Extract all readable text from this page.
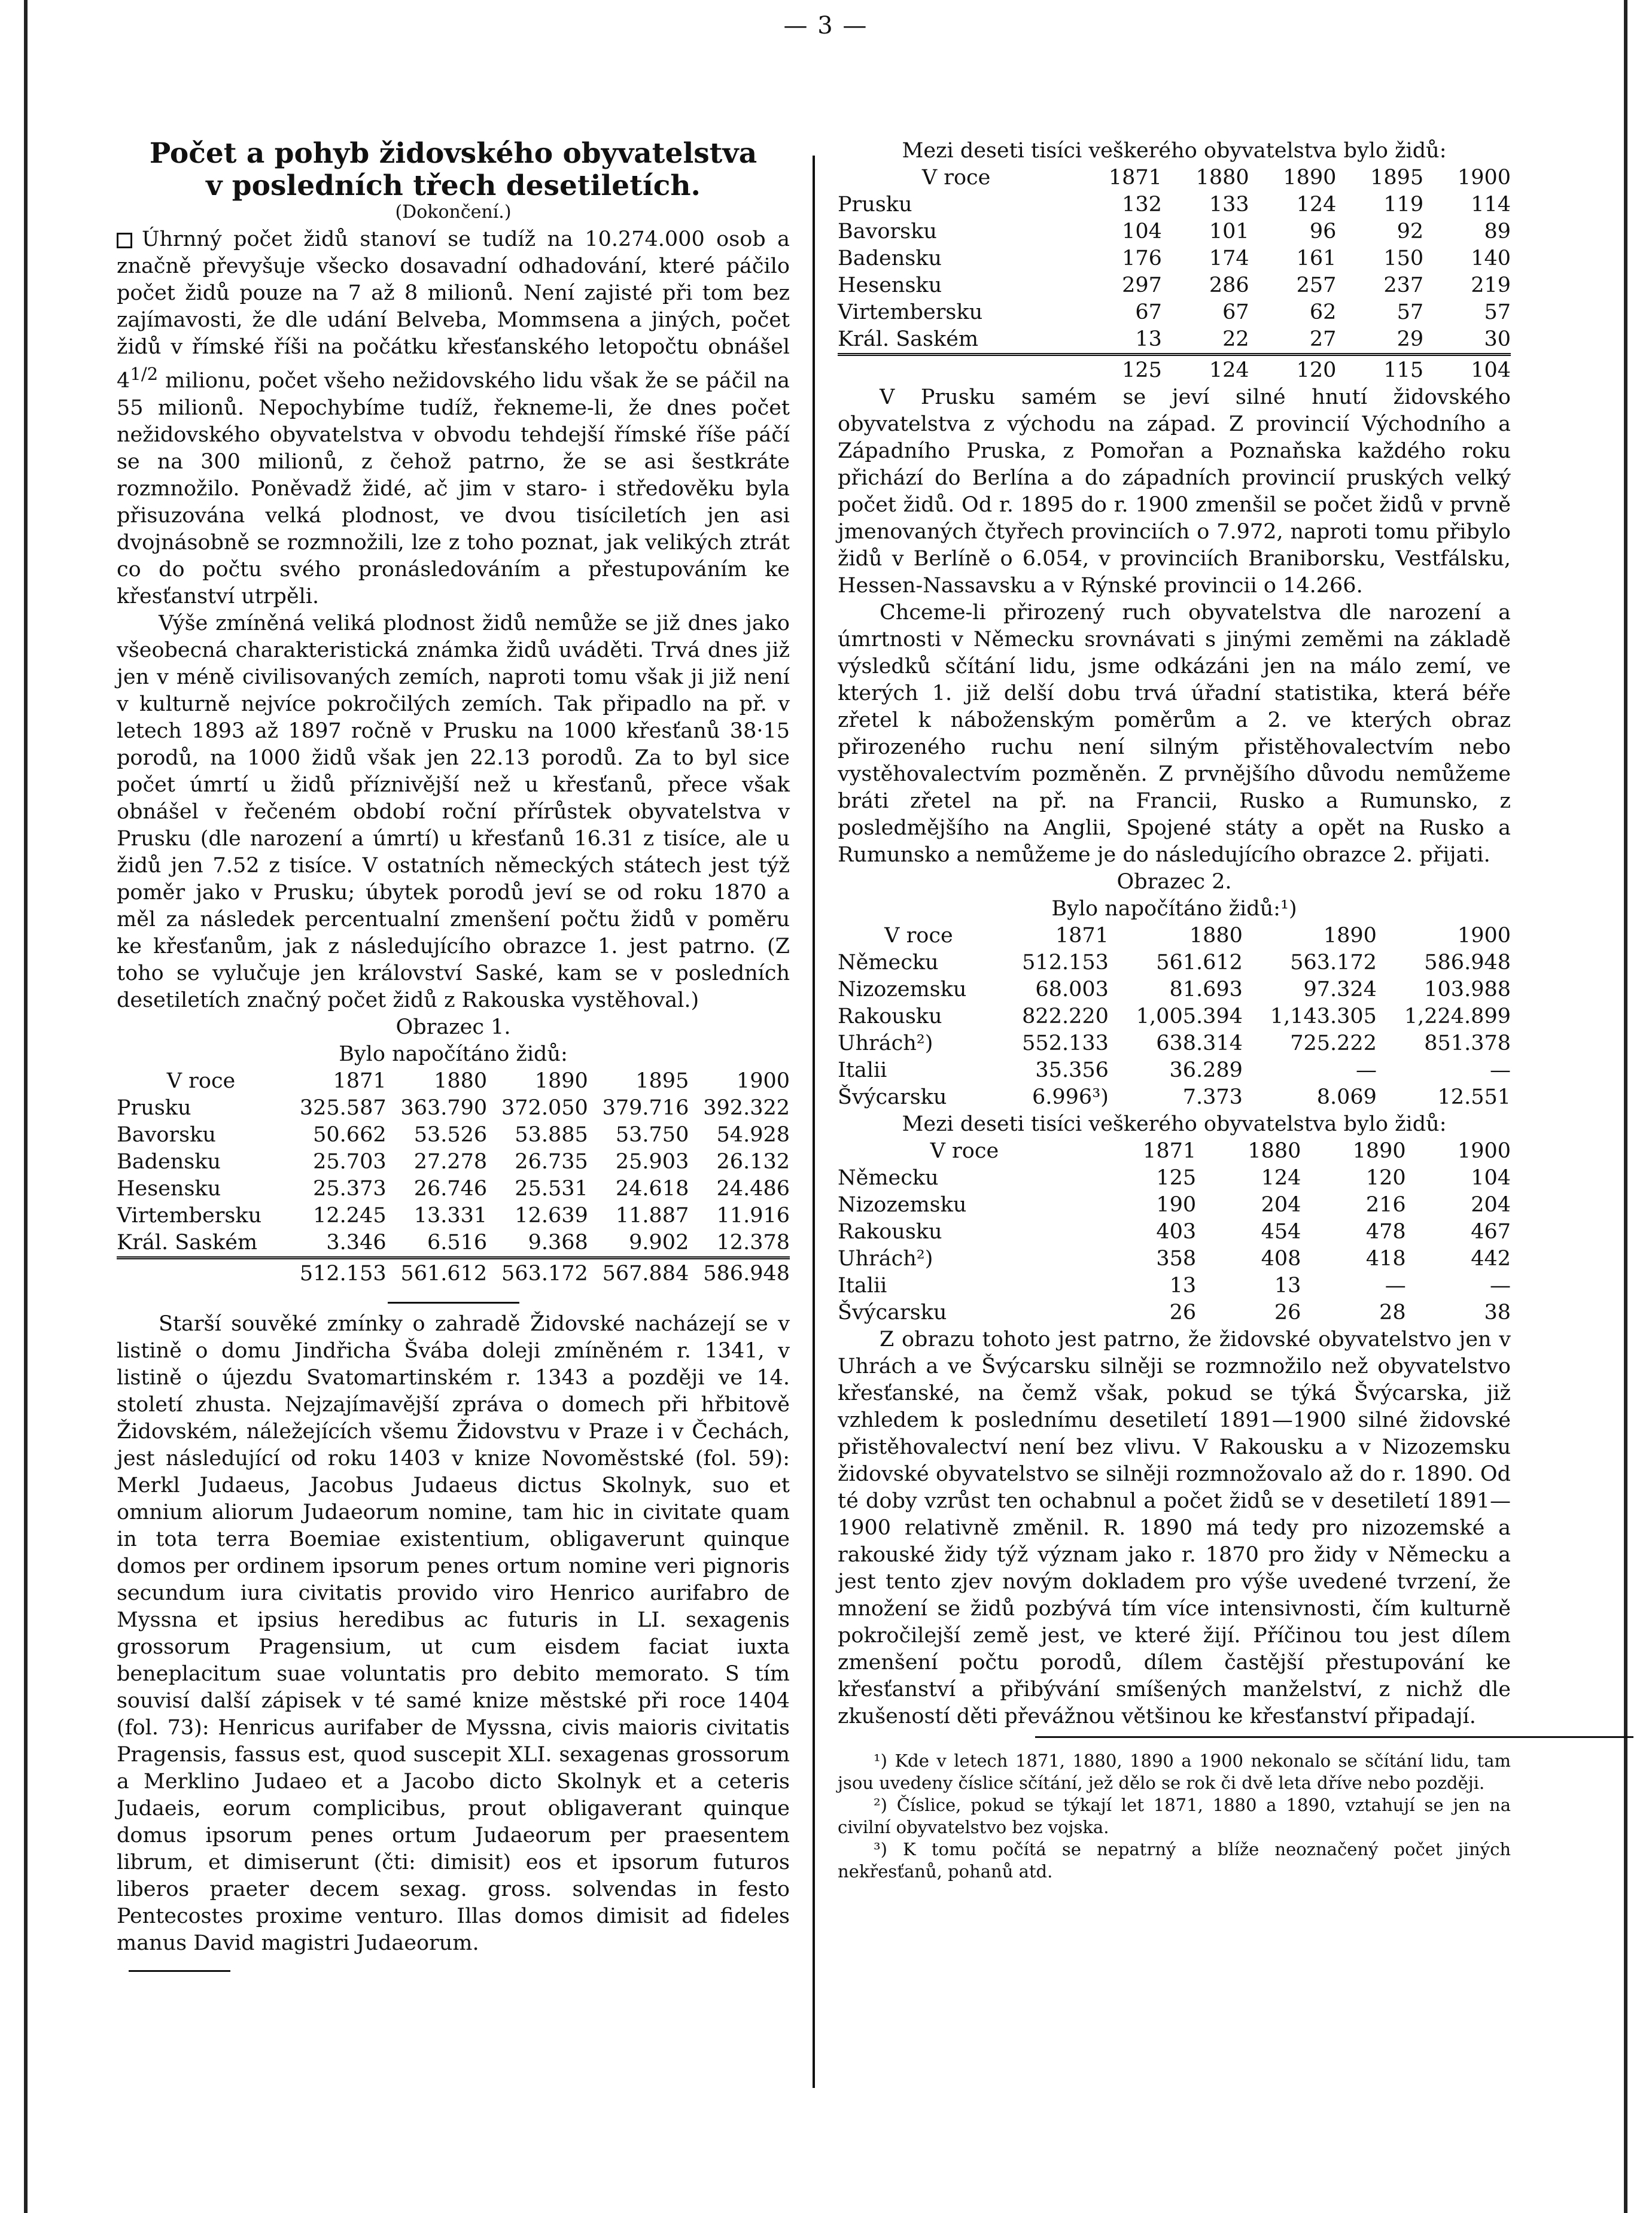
— 3 —
Počet a pohyb židovského obyvatelstva
v posledních třech desetiletích.
(Dokončení.)

Úhrnný počet židů stanoví se tudíž na 10.274.000 osob a značně převyšuje všecko dosavadní odhadování, které páčilo počet židů pouze na 7 až 8 milionů. Není zajisté při tom bez zajímavosti, že dle udání Belveba, Mommsena a jiných, počet židů v římské říši na počátku křesťanského letopočtu obnášel $4^{1/2}$ milionu, počet všeho nežidovského lidu však že se páčil na 55 milionů. Nepochybíme tudíž, řekneme-li, že dnes počet nežidovského obyvatelstva v obvodu tehdejší římské říše páčí se na 300 milionů, z čehož patrno, že se asi šestkráte rozmnožilo. Poněvadž židé, ač jim v staro- i středověku byla přisuzována velká plodnost, ve dvou tisíciletích jen asi dvojnásobně se rozmnožili, lze z toho poznat, jak velikých ztrát co do počtu svého pronásledováním a přestupováním ke křesťanství utrpěli.

Výše zmíněná veliká plodnost židů nemůže se již dnes jako všeobecná charakteristická známka židů uváděti. Trvá dnes již jen v méně civilisovaných zemích, naproti tomu však ji již není v kulturně nejvíce pokročilých zemích. Tak připadlo na př. v letech 1893 až 1897 ročně v Prusku na 1000 křesťanů 38·15 porodů, na 1000 židů však jen 22.13 porodů. Za to byl sice počet úmrtí u židů příznivější než u křesťanů, přece však obnášel v řečeném období roční přírůstek obyvatelstva v Prusku (dle narození a úmrtí) u křesťanů 16.31 z tisíce, ale u židů jen 7.52 z tisíce. V ostatních německých státech jest týž poměr jako v Prusku; úbytek porodů jeví se od roku 1870 a měl za následek percentualní zmenšení počtu židů v poměru ke křesťanům, jak z následujícího obrazce 1. jest patrno. (Z toho se vylučuje jen království Saské, kam se v posledních desetiletích značný počet židů z Rakouska vystěhoval.)

Obrazec 1.
Bylo napočítáno židů:
V roce	1871	1880	1890	1895	1900
Prusku	325.587	363.790	372.050	379.716	392.322
Bavorsku	50.662	53.526	53.885	53.750	54.928
Badensku	25.703	27.278	26.735	25.903	26.132
Hesensku	25.373	26.746	25.531	24.618	24.486
Virtembersku	12.245	13.331	12.639	11.887	11.916
Král. Saském	3.346	6.516	9.368	9.902	12.378
	512.153	561.612	563.172	567.884	586.948

Starší souvěké zmínky o zahradě Židovské nacházejí se v listině o domu Jindřicha Švába doleji zmíněném r. 1341, v listině o újezdu Svatomartinském r. 1343 a později ve 14. století zhusta. Nejzajímavější zpráva o domech při hřbitově Židovském, náležejících všemu Židovstvu v Praze i v Čechách, jest následující od roku 1403 v knize Novoměstské (fol. 59): Merkl Judaeus, Jacobus Judaeus dictus Skolnyk, suo et omnium aliorum Judaeorum nomine, tam hic in civitate quam in tota terra Boemiae existentium, obligaverunt quinque domos per ordinem ipsorum penes ortum nomine veri pignoris secundum iura civitatis provido viro Henrico aurifabro de Myssna et ipsius heredibus ac futuris in LI. sexagenis grossorum Pragensium, ut cum eisdem faciat iuxta beneplacitum suae voluntatis pro debito memorato. S tím souvisí další zápisek v té samé knize městské při roce 1404 (fol. 73): Henricus aurifaber de Myssna, civis maioris civitatis Pragensis, fassus est, quod suscepit XLI. sexagenas grossorum a Merklino Judaeo et a Jacobo dicto Skolnyk et a ceteris Judaeis, eorum complicibus, prout obligaverant quinque domus ipsorum penes ortum Judaeorum per praesentem librum, et dimiserunt (čti: dimisit) eos et ipsorum futuros liberos praeter decem sexag. gross. solvendas in festo Pentecostes proxime venturo. Illas domos dimisit ad fideles manus David magistri Judaeorum.

Mezi deseti tisíci veškerého obyvatelstva bylo židů:
V roce	1871	1880	1890	1895	1900
Prusku	132	133	124	119	114
Bavorsku	104	101	96	92	89
Badensku	176	174	161	150	140
Hesensku	297	286	257	237	219
Virtembersku	67	67	62	57	57
Král. Saském	13	22	27	29	30
	125	124	120	115	104

V Prusku samém se jeví silné hnutí židovského obyvatelstva z východu na západ. Z provincií Východního a Západního Pruska, z Pomořan a Poznaňska každého roku přichází do Berlína a do západních provincií pruských velký počet židů. Od r. 1895 do r. 1900 zmenšil se počet židů v prvně jmenovaných čtyřech provinciích o 7.972, naproti tomu přibylo židů v Berlíně o 6.054, v provinciích Braniborsku, Vestfálsku, Hessen-Nassavsku a v Rýnské provincii o 14.266.

Chceme-li přirozený ruch obyvatelstva dle narození a úmrtnosti v Německu srovnávati s jinými zeměmi na základě výsledků sčítání lidu, jsme odkázáni jen na málo zemí, ve kterých 1. již delší dobu trvá úřadní statistika, která béře zřetel k náboženským poměrům a 2. ve kterých obraz přirozeného ruchu není silným přistěhovalectvím nebo vystěhovalectvím pozměněn. Z prvnějšího důvodu nemůžeme bráti zřetel na př. na Francii, Rusko a Rumunsko, z posledmějšího na Anglii, Spojené státy a opět na Rusko a Rumunsko a nemůžeme je do následujícího obrazce 2. přijati.

Obrazec 2.
Bylo napočítáno židů:¹)
V roce	1871	1880	1890	1900
Německu	512.153	561.612	563.172	586.948
Nizozemsku	68.003	81.693	97.324	103.988
Rakousku	822.220	1,005.394	1,143.305	1,224.899
Uhrách²)	552.133	638.314	725.222	851.378
Italii	35.356	36.289	—	—
Švýcarsku	6.996³)	7.373	8.069	12.551
Mezi deseti tisíci veškerého obyvatelstva bylo židů:
V roce	1871	1880	1890	1900
Německu	125	124	120	104
Nizozemsku	190	204	216	204
Rakousku	403	454	478	467
Uhrách²)	358	408	418	442
Italii	13	13	—	—
Švýcarsku	26	26	28	38

Z obrazu tohoto jest patrno, že židovské obyvatelstvo jen v Uhrách a ve Švýcarsku silněji se rozmnožilo než obyvatelstvo křesťanské, na čemž však, pokud se týká Švýcarska, již vzhledem k poslednímu desetiletí 1891—1900 silné židovské přistěhovalectví není bez vlivu. V Rakousku a v Nizozemsku židovské obyvatelstvo se silněji rozmnožovalo až do r. 1890. Od té doby vzrůst ten ochabnul a počet židů se v desetiletí 1891—1900 relativně změnil. R. 1890 má tedy pro nizozemské a rakouské židy týž význam jako r. 1870 pro židy v Německu a jest tento zjev novým dokladem pro výše uvedené tvrzení, že množení se židů pozbývá tím více intensivnosti, čím kulturně pokročilejší země jest, ve které žijí. Příčinou tou jest dílem zmenšení počtu porodů, dílem častější přestupování ke křesťanství a přibývání smíšených manželství, z nichž dle zkušeností děti převážnou většinou ke křesťanství připadají.

¹) Kde v letech 1871, 1880, 1890 a 1900 nekonalo se sčítání lidu, tam jsou uvedeny číslice sčítání, jež dělo se rok či dvě leta dříve nebo později.

²) Číslice, pokud se týkají let 1871, 1880 a 1890, vztahují se jen na civilní obyvatelstvo bez vojska.

³) K tomu počítá se nepatrný a blíže neoznačený počet jiných nekřesťanů, pohanů atd.
